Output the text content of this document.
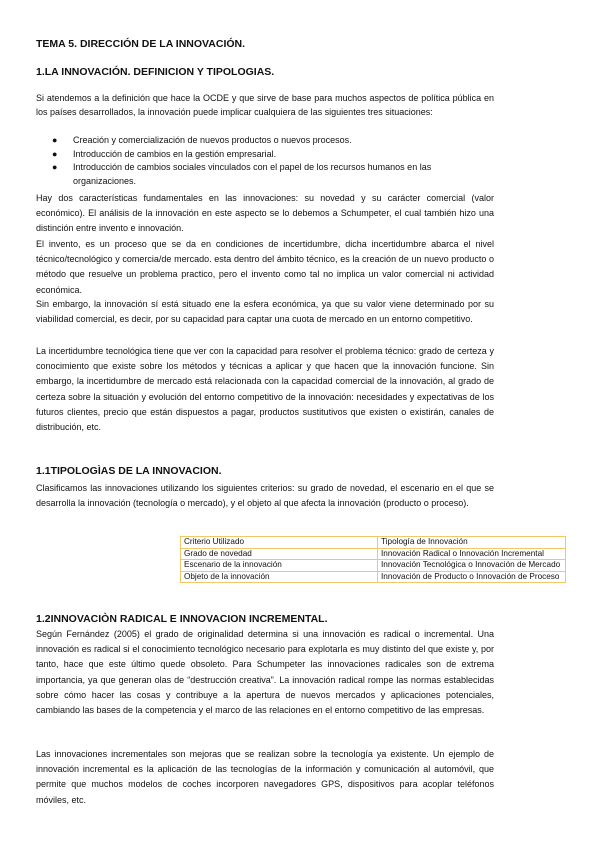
TEMA 5. DIRECCIÓN DE LA INNOVACIÓN.
1.LA INNOVACIÓN. DEFINICION Y TIPOLOGIAS.

Si atendemos a la definición que hace la OCDE y que sirve de base para muchos aspectos de política pública en los países desarrollados, la innovación puede implicar cualquiera de las siguientes tres situaciones:

● Creación y comercialización de nuevos productos o nuevos procesos.
● Introducción de cambios en la gestión empresarial.
● Introducción de cambios sociales vinculados con el papel de los recursos humanos en las organizaciones.

Hay dos características fundamentales en las innovaciones: su novedad y su carácter comercial (valor económico). El análisis de la innovación en este aspecto se lo debemos a Schumpeter, el cual también hizo una distinción entre invento e innovación.

El invento, es un proceso que se da en condiciones de incertidumbre, dicha incertidumbre abarca el nivel técnico/tecnológico y comercia/de mercado. esta dentro del ámbito técnico, es la creación de un nuevo producto o método que resuelve un problema practico, pero el invento como tal no implica un valor comercial ni actividad económica.

Sin embargo, la innovación sí está situado ene la esfera económica, ya que su valor viene determinado por su viabilidad comercial, es decir, por su capacidad para captar una cuota de mercado en un entorno competitivo.

La incertidumbre tecnológica tiene que ver con la capacidad para resolver el problema técnico: grado de certeza y conocimiento que existe sobre los métodos y técnicas a aplicar y que hacen que la innovación funcione. Sin embargo, la incertidumbre de mercado está relacionada con la capacidad comercial de la innovación, al grado de certeza sobre la situación y evolución del entorno competitivo de la innovación: necesidades y expectativas de los futuros clientes, precio que están dispuestos a pagar, productos sustitutivos que existen o existirán, canales de distribución, etc.

1.1TIPOLOGÌAS DE LA INNOVACION.

Clasificamos las innovaciones utilizando los siguientes criterios: su grado de novedad, el escenario en el que se desarrolla la innovación (tecnología o mercado), y el objeto al que afecta la innovación (producto o proceso).

Criterio Utilizado	Tipología de Innovación
Grado de novedad	Innovación Radical o Innovación Incremental
Escenario de la innovación	Innovación Tecnológica o Innovación de Mercado
Objeto de la innovación	Innovación de Producto o Innovación de Proceso
1.2INNOVACIÒN RADICAL E INNOVACION INCREMENTAL.

Según Fernández (2005) el grado de originalidad determina si una innovación es radical o incremental. Una innovación es radical si el conocimiento tecnológico necesario para explotarla es muy distinto del que existe y, por tanto, hace que este último quede obsoleto. Para Schumpeter las innovaciones radicales son de extrema importancia, ya que generan olas de “destrucción creativa”. La innovación radical rompe las normas establecidas sobre cómo hacer las cosas y contribuye a la apertura de nuevos mercados y aplicaciones potenciales, cambiando las bases de la competencia y el marco de las relaciones en el entorno competitivo de las empresas.

Las innovaciones incrementales son mejoras que se realizan sobre la tecnología ya existente. Un ejemplo de innovación incremental es la aplicación de las tecnologías de la información y comunicación al automóvil, que permite que muchos modelos de coches incorporen navegadores GPS, dispositivos para acoplar teléfonos móviles, etc.
